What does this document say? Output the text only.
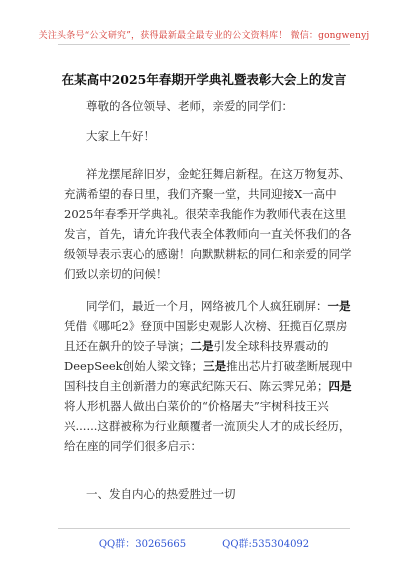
关注头条号“公文研究”，获得最新最全最专业的公文资料库！ 微信：gongwenyj
在某高中2025年春期开学典礼暨表彰大会上的发言
尊敬的各位领导、老师，亲爱的同学们：
大家上午好！
祥龙摆尾辞旧岁，金蛇狂舞启新程。在这万物复苏、充满希望的春日里，我们齐聚一堂，共同迎接X一高中2025年春季开学典礼。很荣幸我能作为教师代表在这里发言，首先，请允许我代表全体教师向一直关怀我们的各级领导表示衷心的感谢！向默默耕耘的同仁和亲爱的同学们致以亲切的问候！
同学们，最近一个月，网络被几个人疯狂刷屏：一是凭借《哪吒2》登顶中国影史观影人次榜、狂揽百亿票房且还在飙升的饺子导演；二是引发全球科技界震动的DeepSeek创始人梁文锋；三是推出芯片打破垄断展现中国科技自主创新潜力的寒武纪陈天石、陈云霁兄弟；四是将人形机器人做出白菜价的“价格屠夫”宇树科技王兴兴......这群被称为行业颠覆者一流顶尖人才的成长经历，给在座的同学们很多启示：
一、发自内心的热爱胜过一切
QQ群：30265665	QQ群:535304092
